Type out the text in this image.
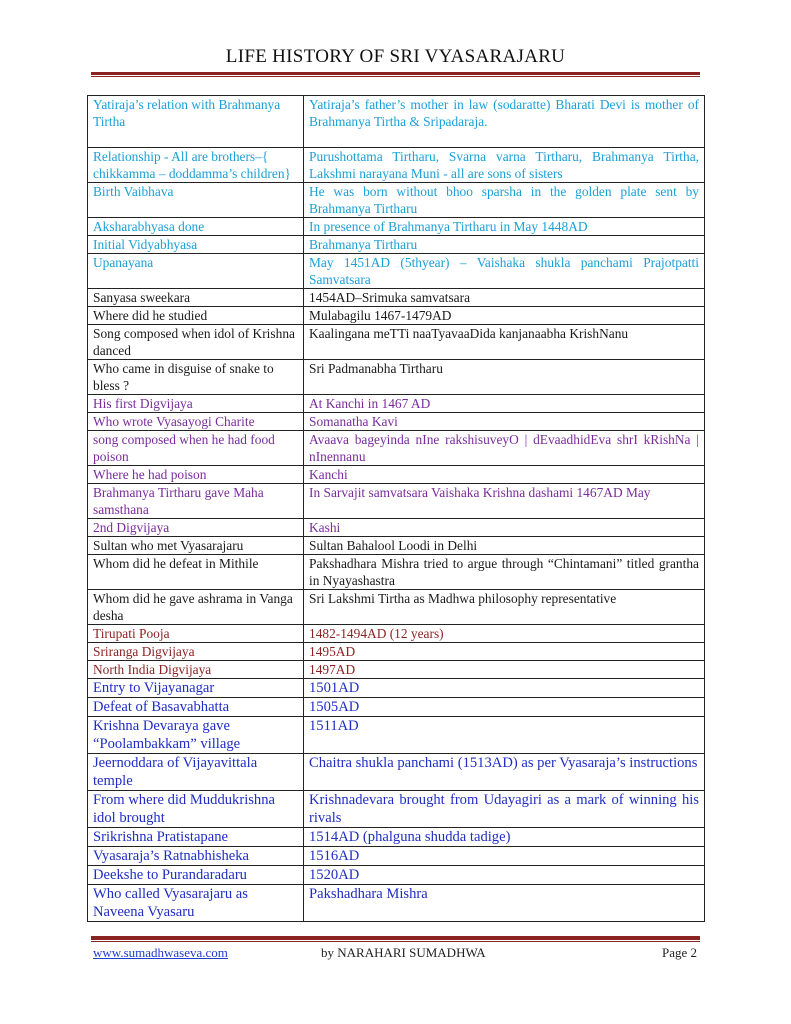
LIFE HISTORY OF SRI VYASARAJARU
Yatiraja’s relation with Brahmanya Tirtha	Yatiraja’s father’s mother in law (sodaratte) Bharati Devi is mother of Brahmanya Tirtha & Sripadaraja.
Relationship - All are brothers–{ chikkamma – doddamma’s children}	Purushottama Tirtharu, Svarna varna Tirtharu, Brahmanya Tirtha, Lakshmi narayana Muni - all are sons of sisters
Birth Vaibhava	He was born without bhoo sparsha in the golden plate sent by Brahmanya Tirtharu
Aksharabhyasa done	In presence of Brahmanya Tirtharu in May 1448AD
Initial Vidyabhyasa	Brahmanya Tirtharu
Upanayana	May 1451AD (5thyear) – Vaishaka shukla panchami Prajotpatti Samvatsara
Sanyasa sweekara	1454AD–Srimuka samvatsara
Where did he studied	Mulabagilu 1467-1479AD
Song composed when idol of Krishna danced	Kaalingana meTTi naaTyavaaDida kanjanaabha KrishNanu
Who came in disguise of snake to bless ?	Sri Padmanabha Tirtharu
His first Digvijaya	At Kanchi in 1467 AD
Who wrote Vyasayogi Charite	Somanatha Kavi
song composed when he had food poison	Avaava bageyinda nIne rakshisuveyO | dEvaadhidEva shrI kRishNa | nInennanu
Where he had poison	Kanchi
Brahmanya Tirtharu gave Maha samsthana	In Sarvajit samvatsara Vaishaka Krishna dashami 1467AD May
2nd Digvijaya	Kashi
Sultan who met Vyasarajaru	Sultan Bahalool Loodi in Delhi
Whom did he defeat in Mithile	Pakshadhara Mishra tried to argue through “Chintamani” titled grantha in Nyayashastra
Whom did he gave ashrama in Vanga desha	Sri Lakshmi Tirtha as Madhwa philosophy representative
Tirupati Pooja	1482-1494AD (12 years)
Sriranga Digvijaya	1495AD
North India Digvijaya	1497AD
Entry to Vijayanagar	1501AD
Defeat of Basavabhatta	1505AD
Krishna Devaraya gave “Poolambakkam” village	1511AD
Jeernoddara of Vijayavittala temple	Chaitra shukla panchami (1513AD) as per Vyasaraja’s instructions
From where did Muddukrishna idol brought	Krishnadevara brought from Udayagiri as a mark of winning his rivals
Srikrishna Pratistapane	1514AD (phalguna shudda tadige)
Vyasaraja’s Ratnabhisheka	1516AD
Deekshe to Purandaradaru	1520AD
Who called Vyasarajaru as Naveena Vyasaru	Pakshadhara Mishra
www.sumadhwaseva.com	by NARAHARI SUMADHWA	Page 2
